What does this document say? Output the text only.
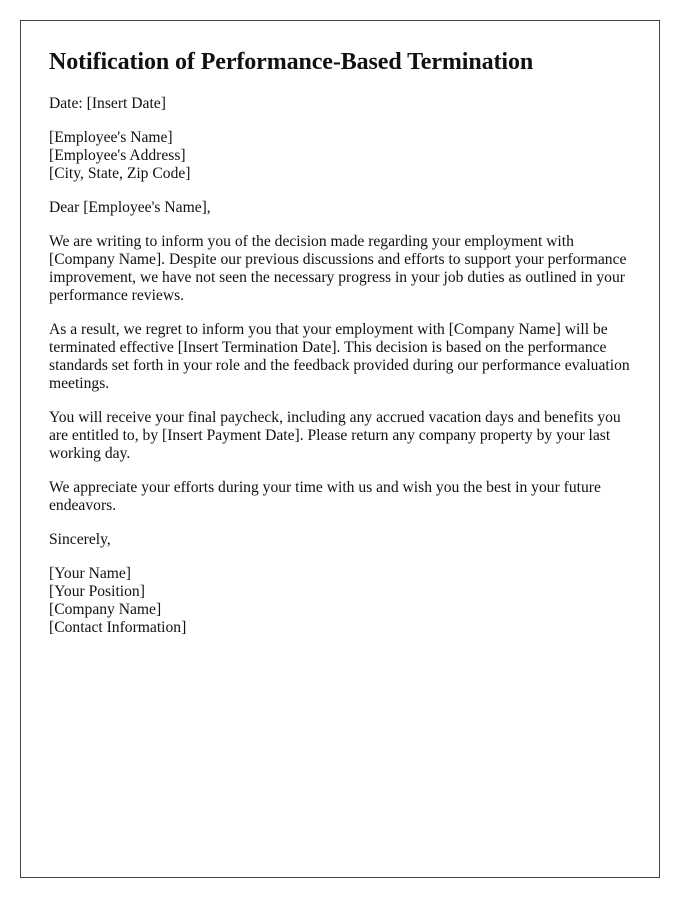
Notification of Performance-Based Termination

Date: [Insert Date]

[Employee's Name]
[Employee's Address]
[City, State, Zip Code]

Dear [Employee's Name],

We are writing to inform you of the decision made regarding your employment with [Company Name]. Despite our previous discussions and efforts to support your performance improvement, we have not seen the necessary progress in your job duties as outlined in your performance reviews.

As a result, we regret to inform you that your employment with [Company Name] will be terminated effective [Insert Termination Date]. This decision is based on the performance standards set forth in your role and the feedback provided during our performance evaluation meetings.

You will receive your final paycheck, including any accrued vacation days and benefits you are entitled to, by [Insert Payment Date]. Please return any company property by your last working day.

We appreciate your efforts during your time with us and wish you the best in your future endeavors.

Sincerely,

[Your Name]
[Your Position]
[Company Name]
[Contact Information]
